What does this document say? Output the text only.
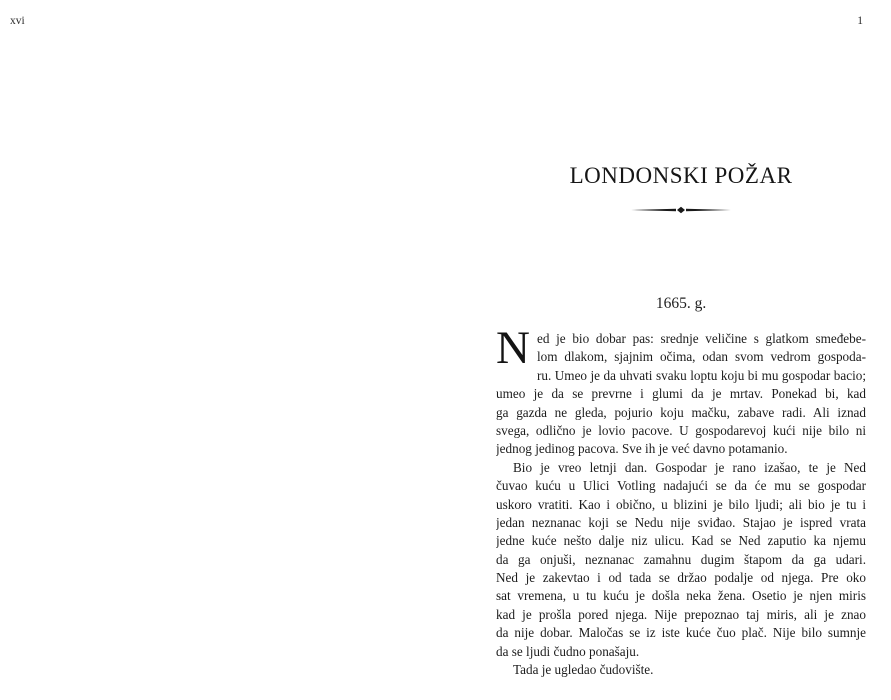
xvi	1
LONDONSKI POŽAR
1665. g.
N ed je bio dobar pas: srednje veličine s glatkom smeđebe-
lom dlakom, sjajnim očima, odan svom vedrom gospoda-
ru. Umeo je da uhvati svaku loptu koju bi mu gospodar bacio;
umeo je da se prevrne i glumi da je mrtav. Ponekad bi, kad
ga gazda ne gleda, pojurio koju mačku, zabave radi. Ali iznad
svega, odlično je lovio pacove. U gospodarevoj kući nije bilo ni
jednog jedinog pacova. Sve ih je već davno potamanio.
Bio je vreo letnji dan. Gospodar je rano izašao, te je Ned
čuvao kuću u Ulici Votling nadajući se da će mu se gospodar
uskoro vratiti. Kao i obično, u blizini je bilo ljudi; ali bio je tu i
jedan neznanac koji se Nedu nije sviđao. Stajao je ispred vrata
jedne kuće nešto dalje niz ulicu. Kad se Ned zaputio ka njemu
da ga onjuši, neznanac zamahnu dugim štapom da ga udari.
Ned je zakevtao i od tada se držao podalje od njega. Pre oko
sat vremena, u tu kuću je došla neka žena. Osetio je njen miris
kad je prošla pored njega. Nije prepoznao taj miris, ali je znao
da nije dobar. Maločas se iz iste kuće čuo plač. Nije bilo sumnje
da se ljudi čudno ponašaju.
Tada je ugledao čudovište.
